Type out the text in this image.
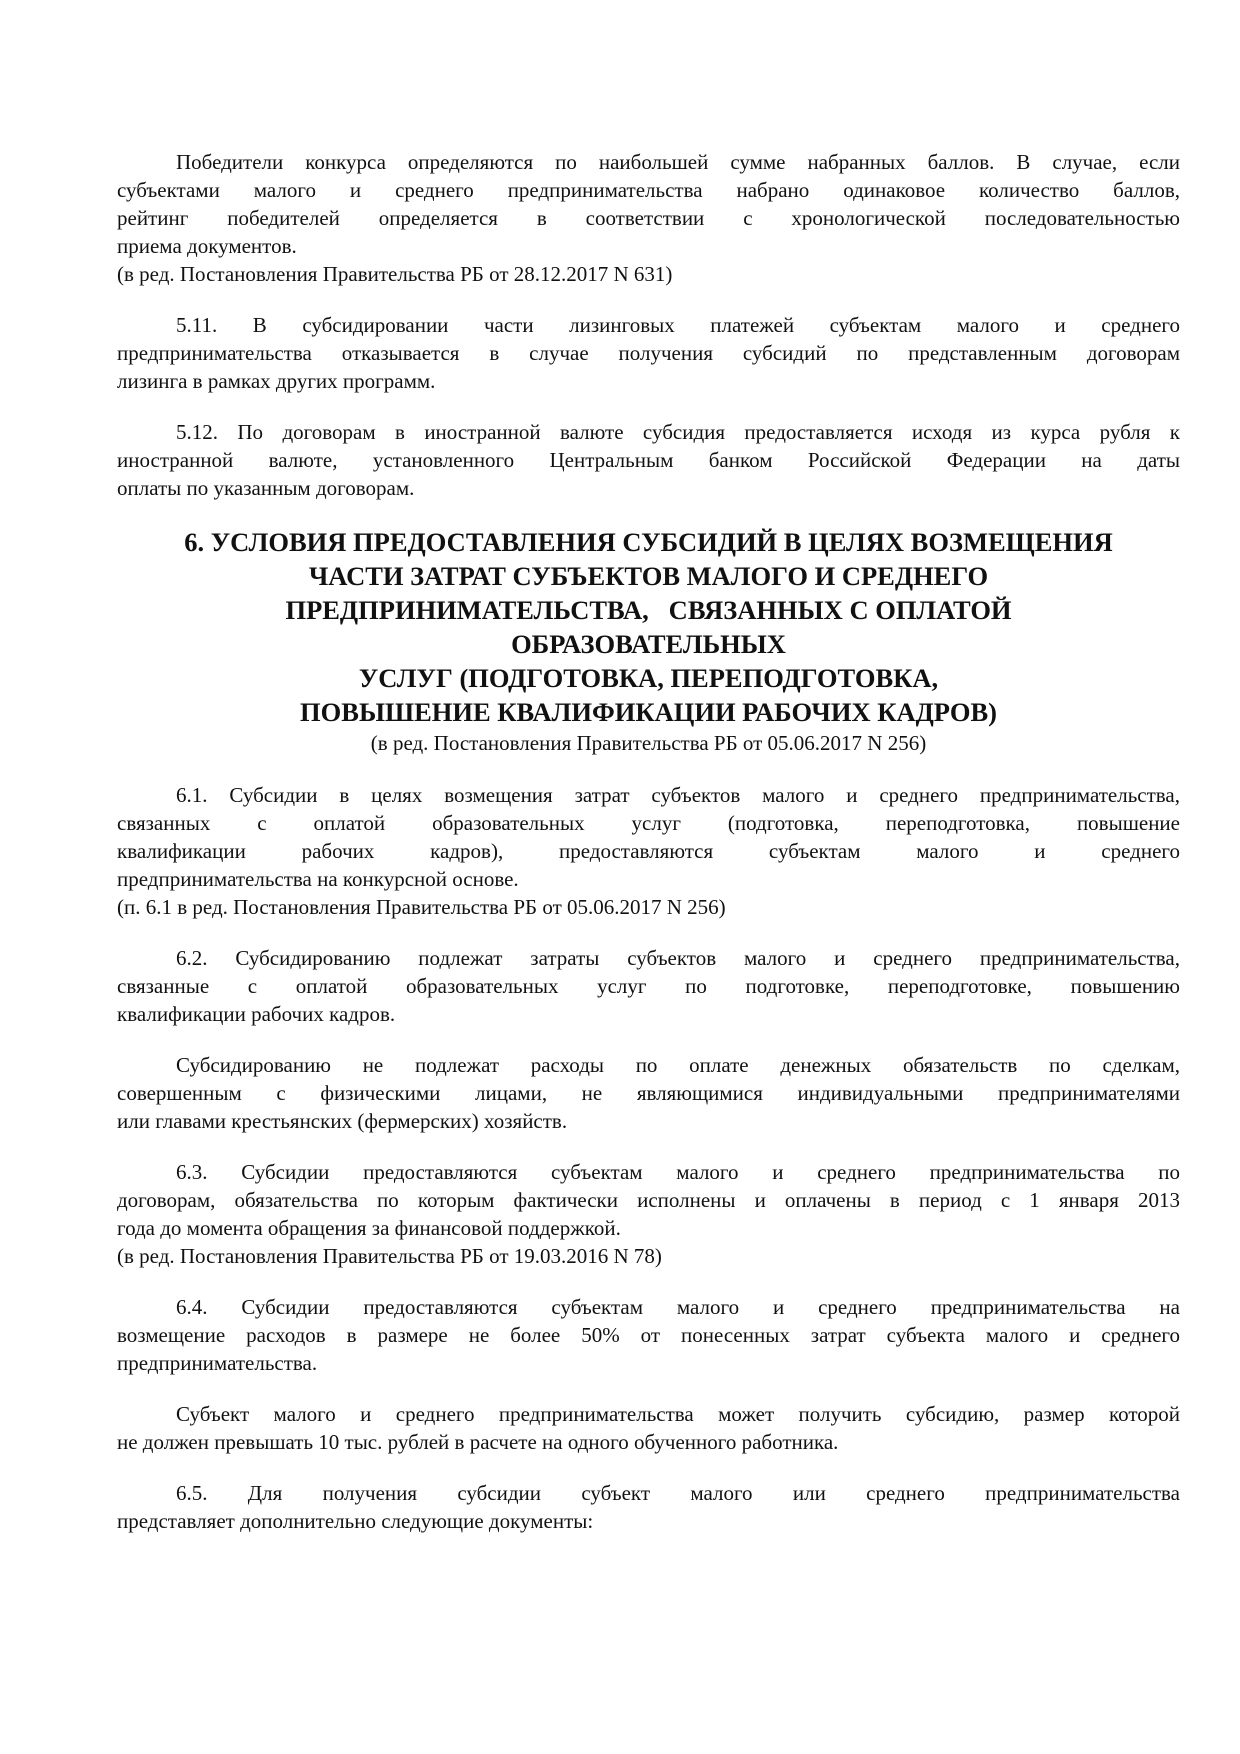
Победители конкурса определяются по наибольшей сумме набранных баллов. В случае, если
субъектами малого и среднего предпринимательства набрано одинаковое количество баллов,
рейтинг победителей определяется в соответствии с хронологической последовательностью
приема документов.
(в ред. Постановления Правительства РБ от 28.12.2017 N 631)
5.11. В субсидировании части лизинговых платежей субъектам малого и среднего
предпринимательства отказывается в случае получения субсидий по представленным договорам
лизинга в рамках других программ.
5.12. По договорам в иностранной валюте субсидия предоставляется исходя из курса рубля к
иностранной валюте, установленного Центральным банком Российской Федерации на даты
оплаты по указанным договорам.
6. УСЛОВИЯ ПРЕДОСТАВЛЕНИЯ СУБСИДИЙ В ЦЕЛЯХ ВОЗМЕЩЕНИЯ
ЧАСТИ ЗАТРАТ СУБЪЕКТОВ МАЛОГО И СРЕДНЕГО
ПРЕДПРИНИМАТЕЛЬСТВА,   СВЯЗАННЫХ С ОПЛАТОЙ
ОБРАЗОВАТЕЛЬНЫХ
УСЛУГ (ПОДГОТОВКА, ПЕРЕПОДГОТОВКА,
ПОВЫШЕНИЕ КВАЛИФИКАЦИИ РАБОЧИХ КАДРОВ)
(в ред. Постановления Правительства РБ от 05.06.2017 N 256)
6.1. Субсидии в целях возмещения затрат субъектов малого и среднего предпринимательства,
связанных с оплатой образовательных услуг (подготовка, переподготовка, повышение
квалификации рабочих кадров), предоставляются субъектам малого и среднего
предпринимательства на конкурсной основе.
(п. 6.1 в ред. Постановления Правительства РБ от 05.06.2017 N 256)
6.2. Субсидированию подлежат затраты субъектов малого и среднего предпринимательства,
связанные с оплатой образовательных услуг по подготовке, переподготовке, повышению
квалификации рабочих кадров.
Субсидированию не подлежат расходы по оплате денежных обязательств по сделкам,
совершенным с физическими лицами, не являющимися индивидуальными предпринимателями
или главами крестьянских (фермерских) хозяйств.
6.3. Субсидии предоставляются субъектам малого и среднего предпринимательства по
договорам, обязательства по которым фактически исполнены и оплачены в период с 1 января 2013
года до момента обращения за финансовой поддержкой.
(в ред. Постановления Правительства РБ от 19.03.2016 N 78)
6.4. Субсидии предоставляются субъектам малого и среднего предпринимательства на
возмещение расходов в размере не более 50% от понесенных затрат субъекта малого и среднего
предпринимательства.
Субъект малого и среднего предпринимательства может получить субсидию, размер которой
не должен превышать 10 тыс. рублей в расчете на одного обученного работника.
6.5. Для получения субсидии субъект малого или среднего предпринимательства
представляет дополнительно следующие документы:
